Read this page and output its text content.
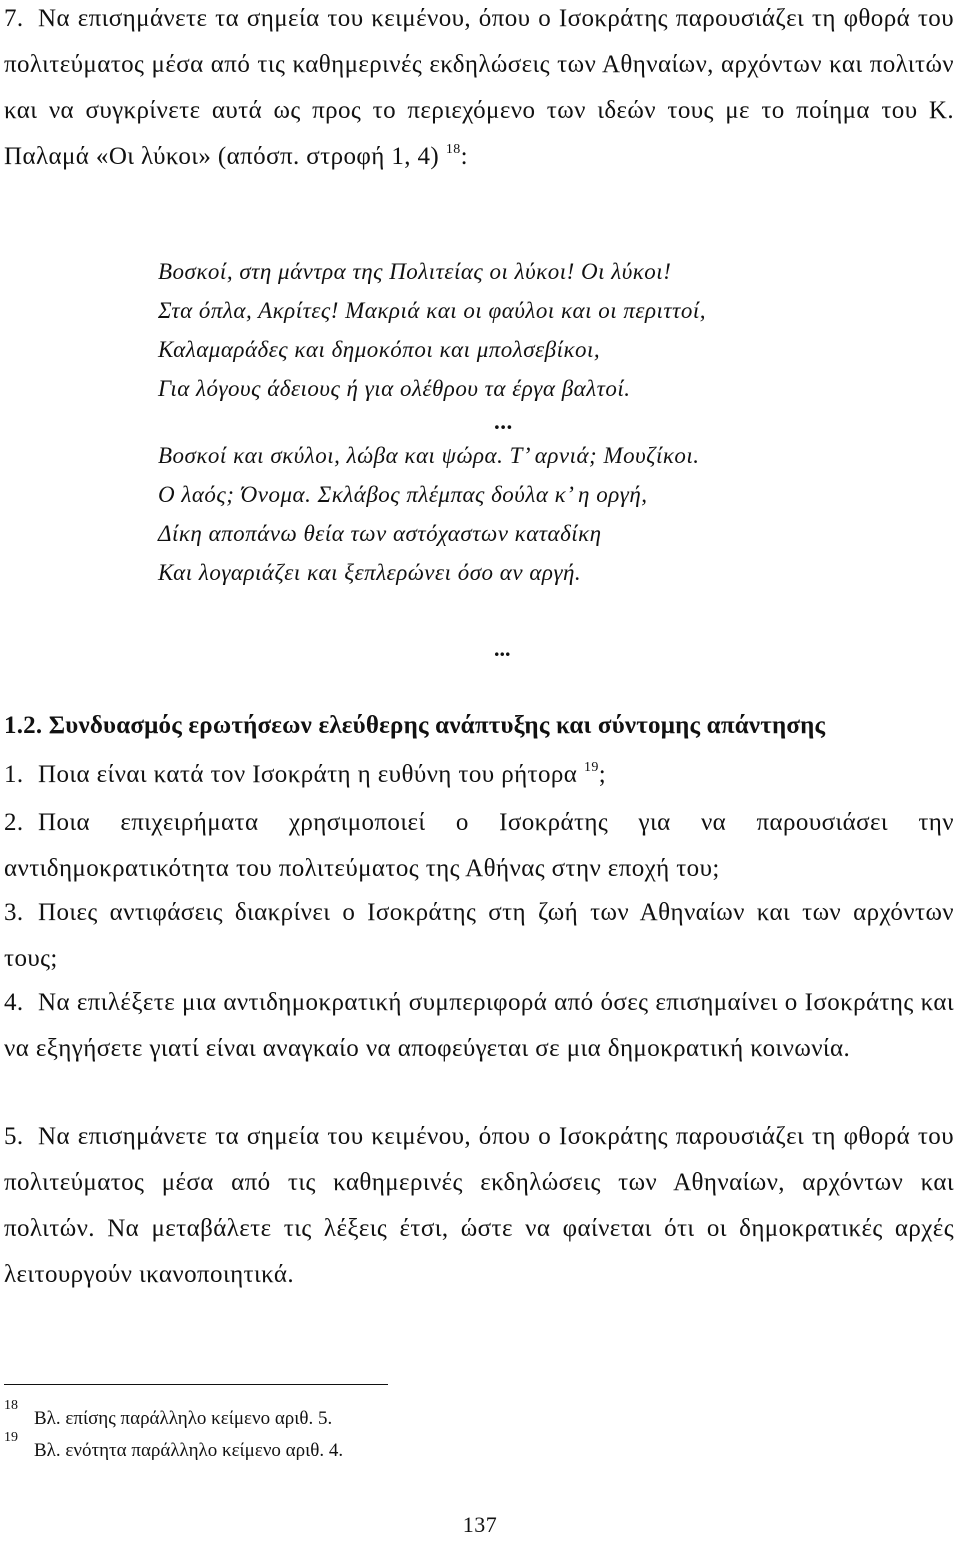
7. Να επισημάνετε τα σημεία του κειμένου, όπου ο Ισοκράτης παρουσιάζει τη φθορά του πολιτεύματος μέσα από τις καθημερινές εκδηλώσεις των Αθηναίων, αρχόντων και πολιτών και να συγκρίνετε αυτά ως προς το περιεχόμενο των ιδεών τους με το ποίημα του Κ. Παλαμά «Οι λύκοι» (απόσπ. στροφή 1, 4) $^{18}$:
Βοσκοί, στη μάντρα της Πολιτείας οι λύκοι! Οι λύκοι!
Στα όπλα, Ακρίτες! Μακριά και οι φαύλοι και οι περιττοί,
Καλαμαράδες και δημοκόποι και μπολσεβίκοι,
Για λόγους άδειους ή για ολέθρου τα έργα βαλτοί.
...
Βοσκοί και σκύλοι, λώβα και ψώρα. Τ’ αρνιά; Μουζίκοι.
Ο λαός; Όνομα. Σκλάβος πλέμπας δούλα κ’ η οργή,
Δίκη αποπάνω θεία των αστόχαστων καταδίκη
Και λογαριάζει και ξεπλερώνει όσο αν αργή.
...
1.2. Συνδυασμός ερωτήσεων ελεύθερης ανάπτυξης και σύντομης απάντησης
1. Ποια είναι κατά τον Ισοκράτη η ευθύνη του ρήτορα $^{19}$;
2. Ποια επιχειρήματα χρησιμοποιεί ο Ισοκράτης για να παρουσιάσει την αντιδημοκρατικότητα του πολιτεύματος της Αθήνας στην εποχή του;
3. Ποιες αντιφάσεις διακρίνει ο Ισοκράτης στη ζωή των Αθηναίων και των αρχόντων τους;
4. Να επιλέξετε μια αντιδημοκρατική συμπεριφορά από όσες επισημαίνει ο Ισοκράτης και να εξηγήσετε γιατί είναι αναγκαίο να αποφεύγεται σε μια δημοκρατική κοινωνία.
5. Να επισημάνετε τα σημεία του κειμένου, όπου ο Ισοκράτης παρουσιάζει τη φθορά του πολιτεύματος μέσα από τις καθημερινές εκδηλώσεις των Αθηναίων, αρχόντων και πολιτών. Να μεταβάλετε τις λέξεις έτσι, ώστε να φαίνεται ότι οι δημοκρατικές αρχές λειτουργούν ικανοποιητικά.
18
Βλ. επίσης παράλληλο κείμενο αριθ. 5.
19
Βλ. ενότητα παράλληλο κείμενο αριθ. 4.
137
